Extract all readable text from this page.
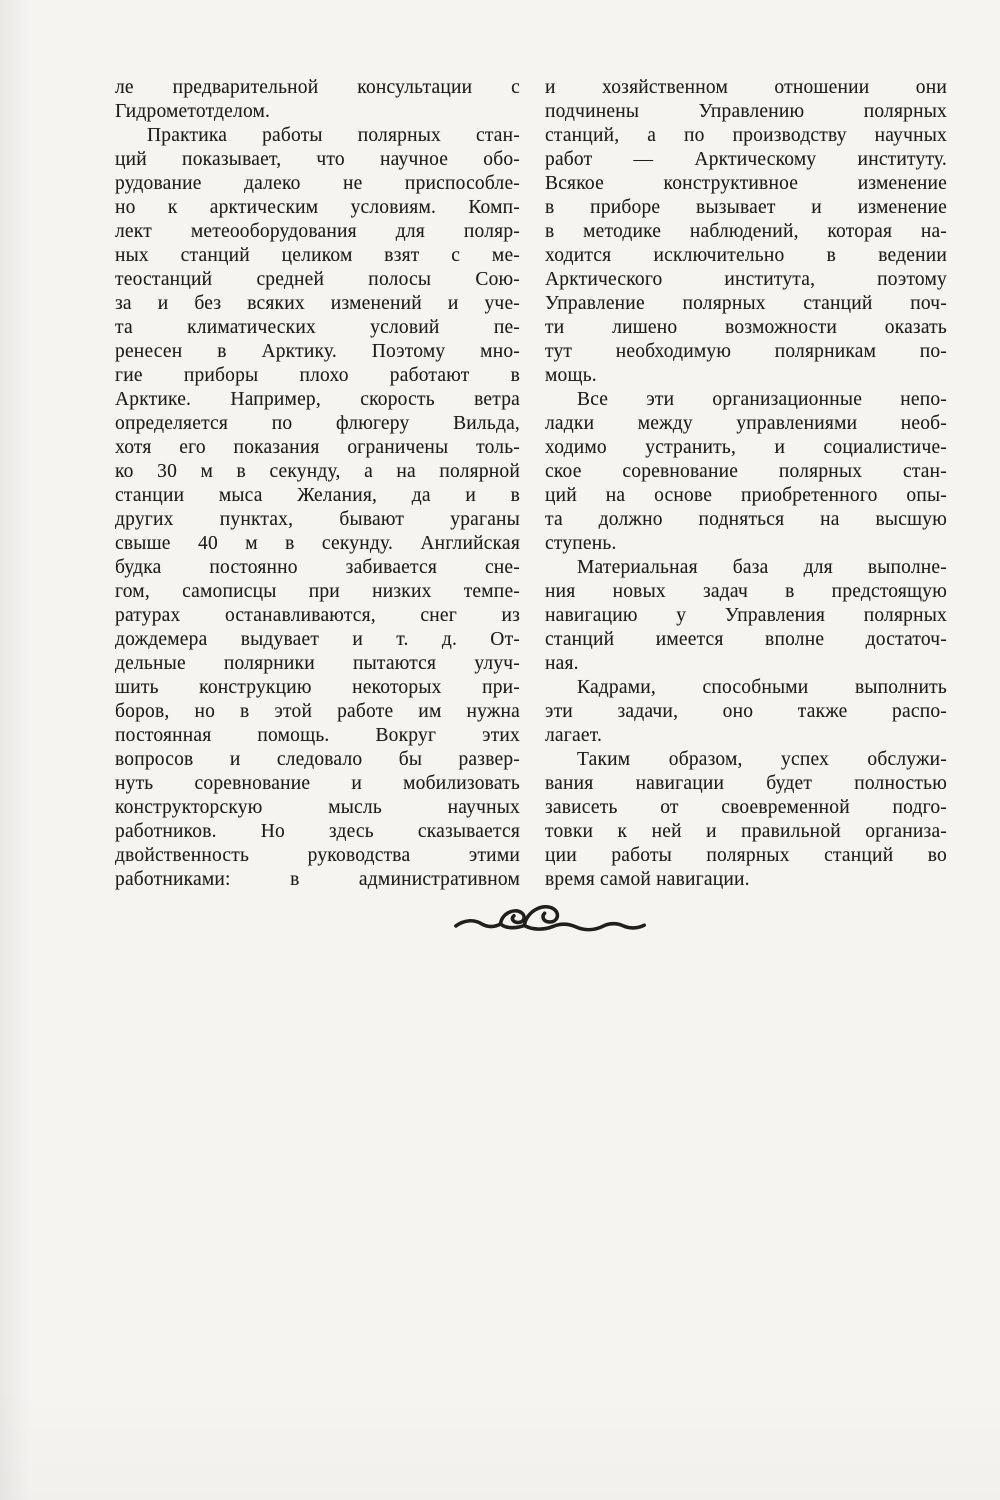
ле предварительной консультации с
Гидрометотделом.
Практика работы полярных стан-
ций показывает, что научное обо-
рудование далеко не приспособле-
но к арктическим условиям. Комп-
лект метеооборудования для поляр-
ных станций целиком взят с ме-
теостанций средней полосы Сою-
за и без всяких изменений и уче-
та климатических условий пе-
ренесен в Арктику. Поэтому мно-
гие приборы плохо работают в
Арктике. Например, скорость ветра
определяется по флюгеру Вильда,
хотя его показания ограничены толь-
ко 30 м в секунду, а на полярной
станции мыса Желания, да и в
других пунктах, бывают ураганы
свыше 40 м в секунду. Английская
будка постоянно забивается сне-
гом, самописцы при низких темпе-
ратурах останавливаются, снег из
дождемера выдувает и т. д. От-
дельные полярники пытаются улуч-
шить конструкцию некоторых при-
боров, но в этой работе им нужна
постоянная помощь. Вокруг этих
вопросов и следовало бы развер-
нуть соревнование и мобилизовать
конструкторскую мысль научных
работников. Но здесь сказывается
двойственность руководства этими
работниками: в административном
и хозяйственном отношении они
подчинены Управлению полярных
станций, а по производству научных
работ — Арктическому институту.
Всякое конструктивное изменение
в приборе вызывает и изменение
в методике наблюдений, которая на-
ходится исключительно в ведении
Арктического института, поэтому
Управление полярных станций поч-
ти лишено возможности оказать
тут необходимую полярникам по-
мощь.
Все эти организационные непо-
ладки между управлениями необ-
ходимо устранить, и социалистиче-
ское соревнование полярных стан-
ций на основе приобретенного опы-
та должно подняться на высшую
ступень.
Материальная база для выполне-
ния новых задач в предстоящую
навигацию у Управления полярных
станций имеется вполне достаточ-
ная.
Кадрами, способными выполнить
эти задачи, оно также распо-
лагает.
Таким образом, успех обслужи-
вания навигации будет полностью
зависеть от своевременной подго-
товки к ней и правильной организа-
ции работы полярных станций во
время самой навигации.
